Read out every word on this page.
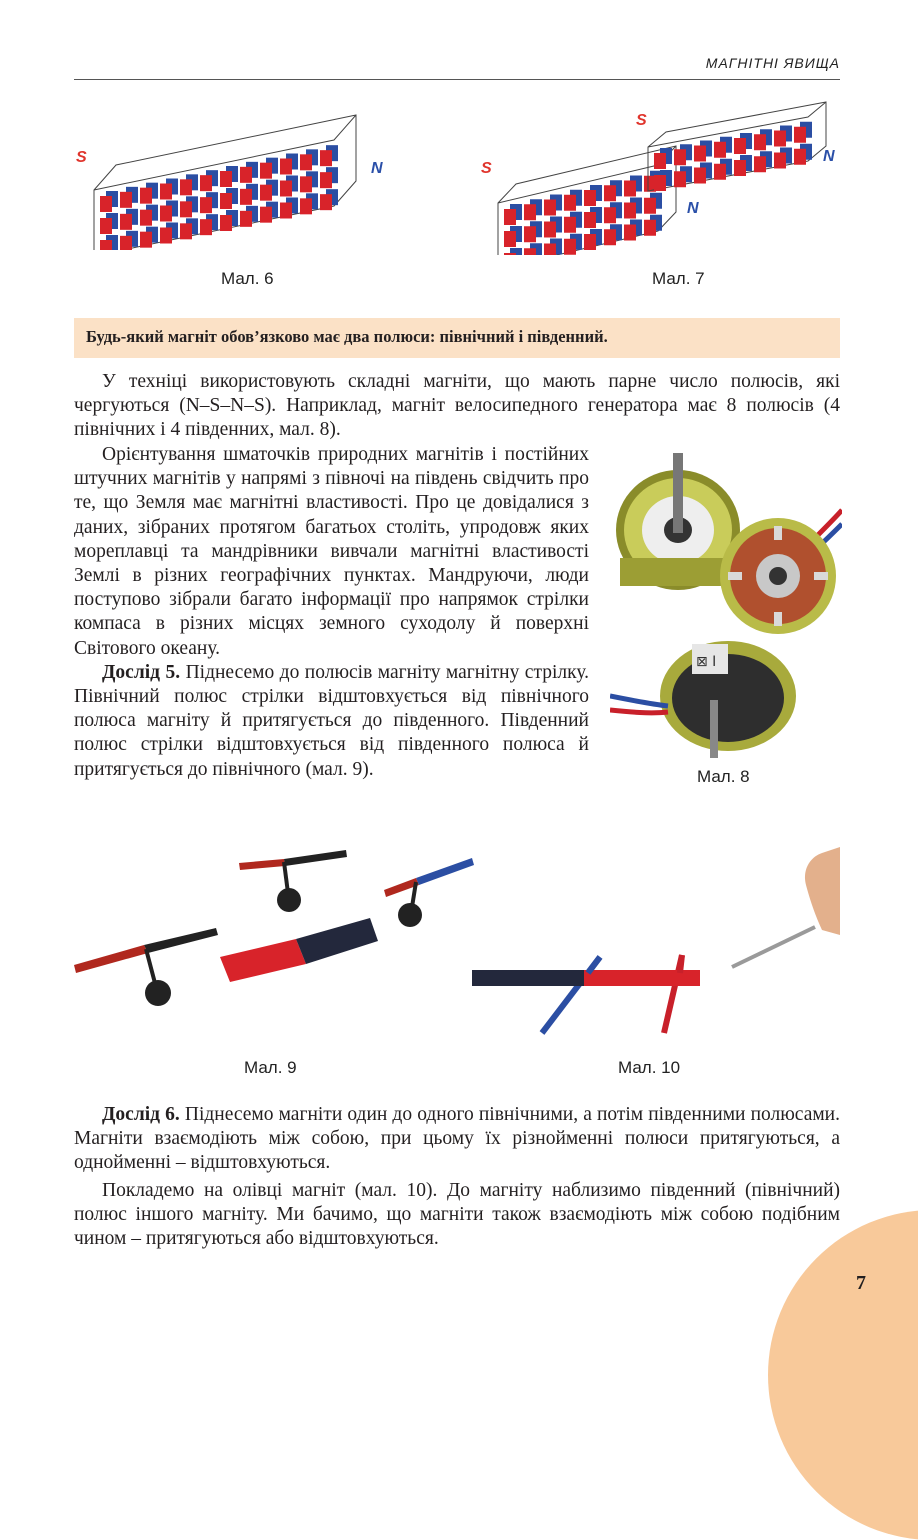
МАГНІТНІ ЯВИЩА
S
N
Мал. 6
S
S
N
N
Мал. 7

Будь-який магніт обов’язково має два полюси: північний і південний.

У техніці використовують складні магніти, що мають парне число полюсів, які чергуються (N–S–N–S). Наприклад, магніт велосипедного генератора має 8 полюсів (4 північних і 4 південних, мал. 8).

Орієнтування шматочків природних магнітів і постійних штучних магнітів у напрямі з півночі на південь свідчить про те, що Земля має магнітні властивості. Про це довідалися з даних, зібраних протягом багатьох століть, упродовж яких мореплавці та мандрівники вивчали магнітні властивості Землі в різних географічних пунктах. Мандруючи, люди поступово зібрали багато інформації про напрямок стрілки компаса в різних місцях земного суходолу й поверхні Світового океану.

Дослід 5. Піднесемо до полюсів магніту магнітну стрілку. Північний полюс стрілки відштовхується від північного полюса магніту й притягується до південного. Південний полюс стрілки відштовхується від південного полюса й притягується до північного (мал. 9).

⊠ I
Мал. 8
Мал. 9	Мал. 10

Дослід 6. Піднесемо магніти один до одного північними, а потім південними полюсами. Магніти взаємодіють між собою, при цьому їх різнойменні полюси притягуються, а однойменні – відштовхуються.

Покладемо на олівці магніт (мал. 10). До магніту наблизимо південний (північний) полюс іншого магніту. Ми бачимо, що магніти також взаємодіють між собою подібним чином – притягуються або відштовхуються.

7
